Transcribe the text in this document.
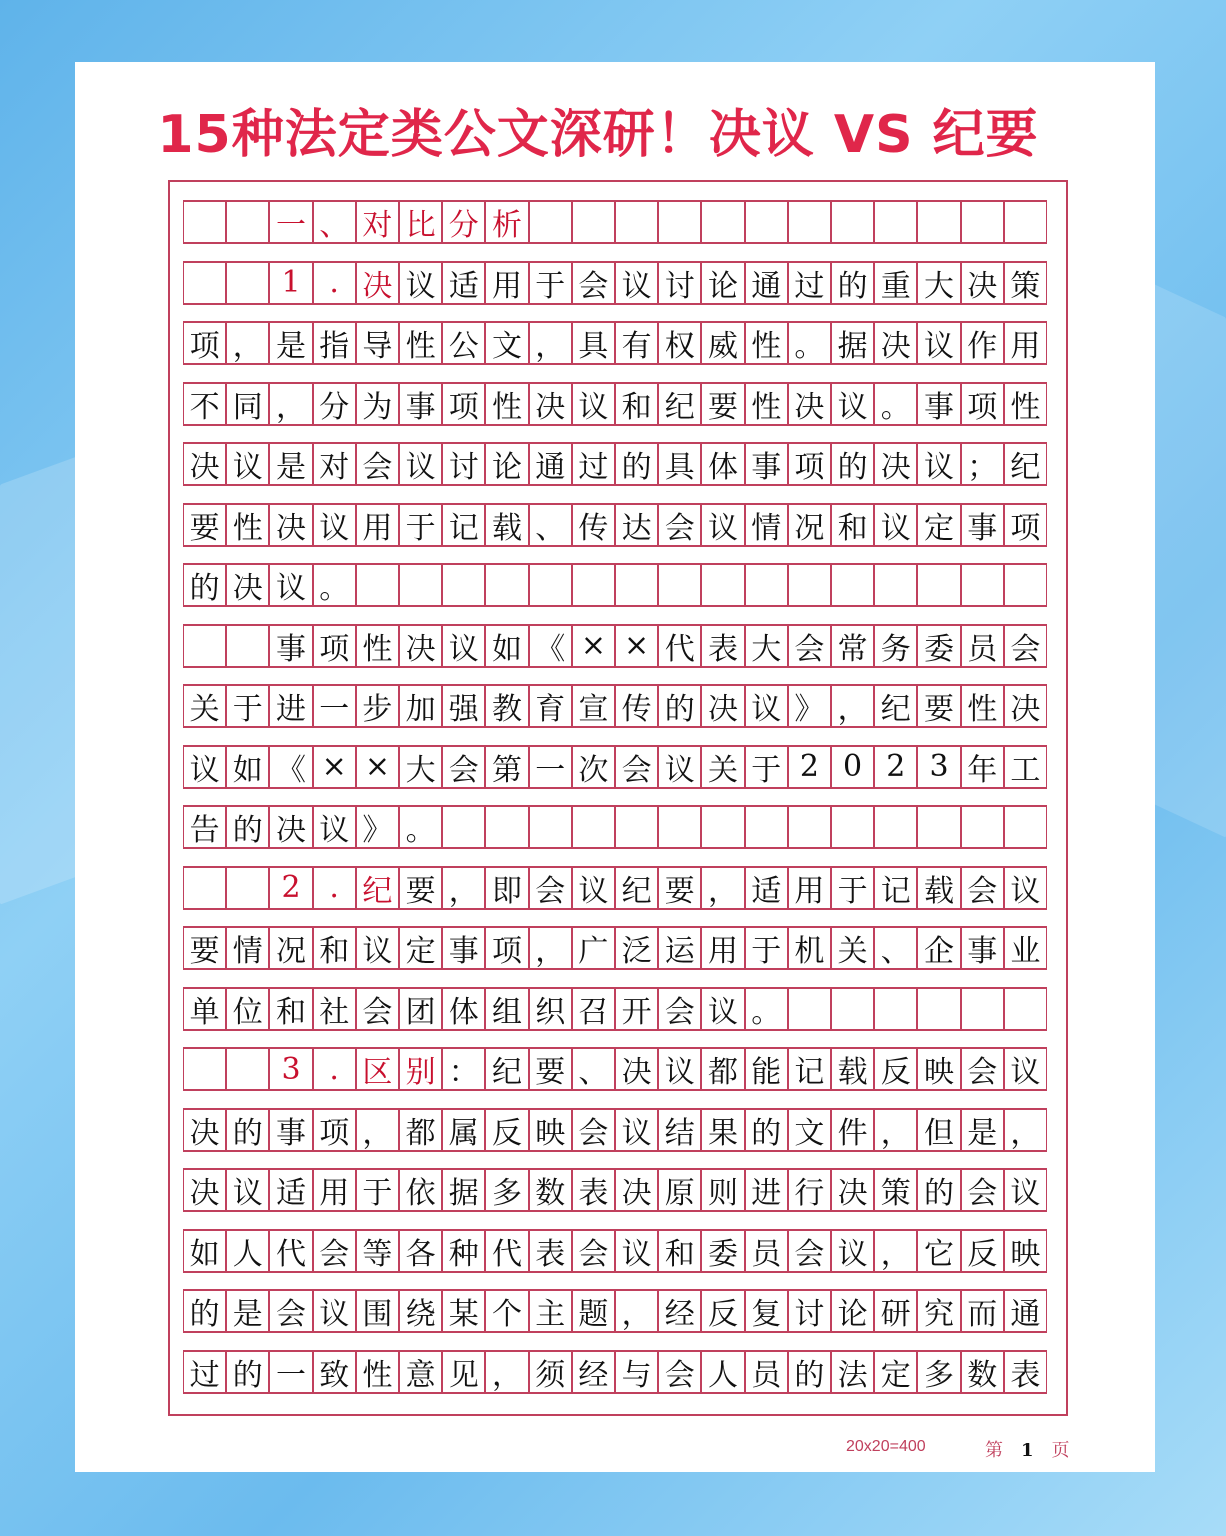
15种法定类公文深研！决议 VS 纪要
一 、 对 比 分 析
1 . 决 议 适 用 于 会 议 讨 论 通 过 的 重 大 决 策
项 ， 是 指 导 性 公 文 ， 具 有 权 威 性 。 据 决 议 作 用
不 同 ， 分 为 事 项 性 决 议 和 纪 要 性 决 议 。 事 项 性
决 议 是 对 会 议 讨 论 通 过 的 具 体 事 项 的 决 议 ； 纪
要 性 决 议 用 于 记 载 、 传 达 会 议 情 况 和 议 定 事 项
的 决 议 。
事 项 性 决 议 如 《 × × 代 表 大 会 常 务 委 员 会
关 于 进 一 步 加 强 教 育 宣 传 的 决 议 》 ， 纪 要 性 决
议 如 《 × × 大 会 第 一 次 会 议 关 于 2 0 2 3 年 工
告 的 决 议 》 。
2 . 纪 要 ， 即 会 议 纪 要 ， 适 用 于 记 载 会 议
要 情 况 和 议 定 事 项 ， 广 泛 运 用 于 机 关 、 企 事 业
单 位 和 社 会 团 体 组 织 召 开 会 议 。
3 . 区 别 ： 纪 要 、 决 议 都 能 记 载 反 映 会 议
决 的 事 项 ， 都 属 反 映 会 议 结 果 的 文 件 ， 但 是 ，
决 议 适 用 于 依 据 多 数 表 决 原 则 进 行 决 策 的 会 议
如 人 代 会 等 各 种 代 表 会 议 和 委 员 会 议 ， 它 反 映
的 是 会 议 围 绕 某 个 主 题 ， 经 反 复 讨 论 研 究 而 通
过 的 一 致 性 意 见 ， 须 经 与 会 人 员 的 法 定 多 数 表
20x20=400	第 1 页
